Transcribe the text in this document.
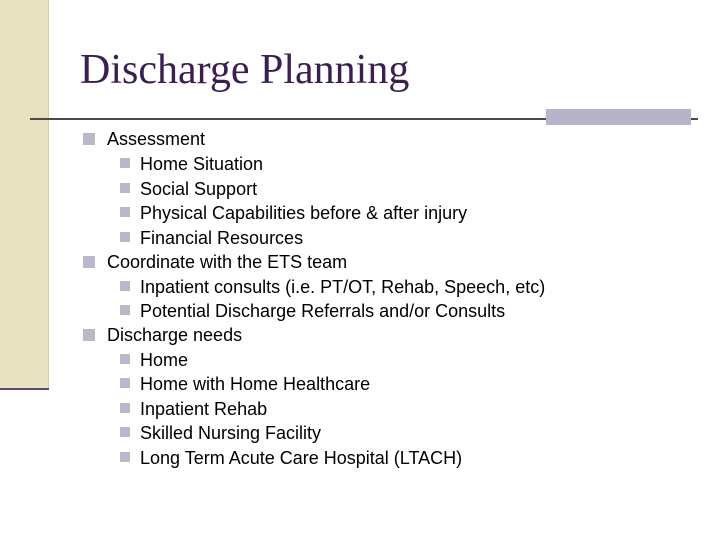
Discharge Planning
Assessment
Home Situation
Social Support
Physical Capabilities before & after injury
Financial Resources
Coordinate with the ETS team
Inpatient consults (i.e. PT/OT, Rehab, Speech, etc)
Potential Discharge Referrals and/or Consults
Discharge needs
Home
Home with Home Healthcare
Inpatient Rehab
Skilled Nursing Facility
Long Term Acute Care Hospital (LTACH)
